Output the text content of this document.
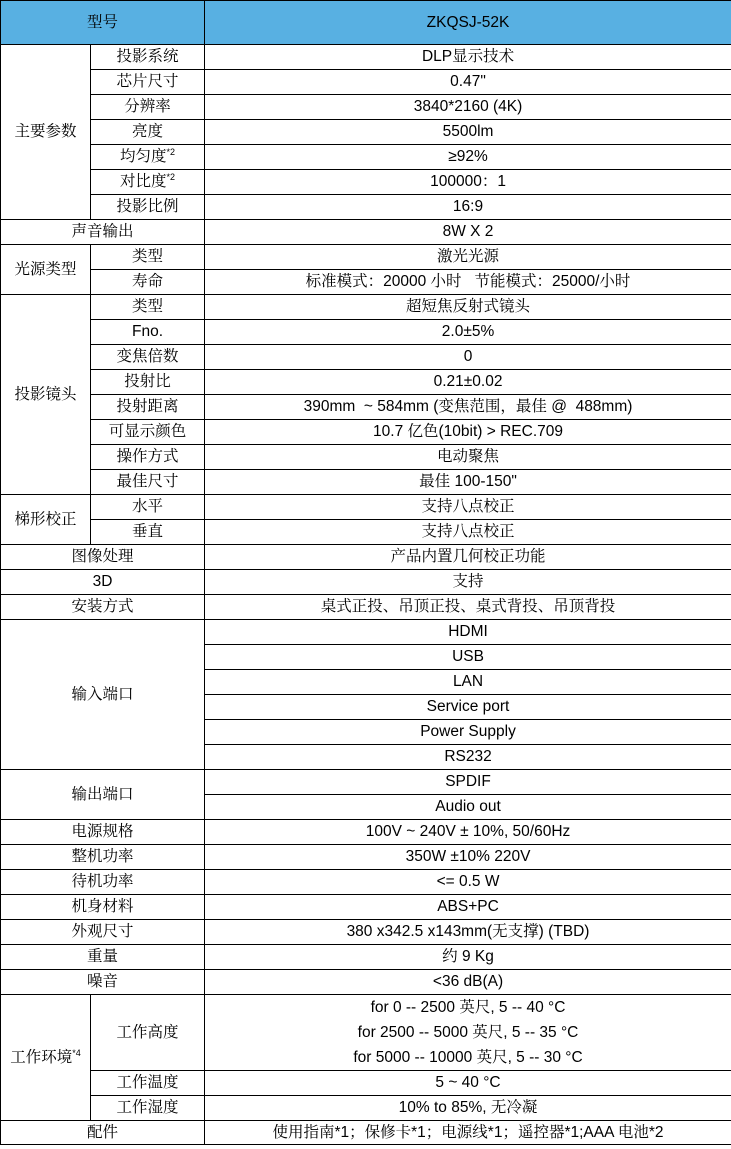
型号		ZKQSJ-52K
主要参数	投影系统	DLP显示技术
	芯片尺寸	0.47"
	分辨率	3840*2160 (4K)
	亮度	5500lm
	均匀度$^{*2}$	≥92%
	对比度$^{*2}$	100000：1
	投影比例	16:9
声音输出		8W X 2
光源类型	类型	激光光源
	寿命	标准模式：20000 小时   节能模式：25000/小时
投影镜头	类型	超短焦反射式镜头
	Fno.	2.0±5%
	变焦倍数	0
	投射比	0.21±0.02
	投射距离	390mm  ~ 584mm (变焦范围，最佳 @  488mm)
	可显示颜色	10.7 亿色(10bit) > REC.709
	操作方式	电动聚焦
	最佳尺寸	最佳 100-150"
梯形校正	水平	支持八点校正
	垂直	支持八点校正
图像处理		产品内置几何校正功能
3D		支持
安装方式		桌式正投、吊顶正投、桌式背投、吊顶背投
输入端口		HDMI
		USB
		LAN
		Service port
		Power Supply
		RS232
输出端口		SPDIF
		Audio out
电源规格		100V ~ 240V ± 10%, 50/60Hz
整机功率		350W ±10% 220V
待机功率		<= 0.5 W
机身材料		ABS+PC
外观尺寸		380 x342.5 x143mm(无支撑) (TBD)
重量		约 9 Kg
噪音		<36 dB(A)
工作环境$^{*4}$	工作高度	for 0 -- 2500 英尺, 5 -- 40 °C
for 2500 -- 5000 英尺, 5 -- 35 °C
for 5000 -- 10000 英尺, 5 -- 30 °C

	工作温度	5 ~ 40 °C
	工作湿度	10% to 85%, 无冷凝
配件		使用指南*1；保修卡*1；电源线*1；遥控器*1;AAA 电池*2
